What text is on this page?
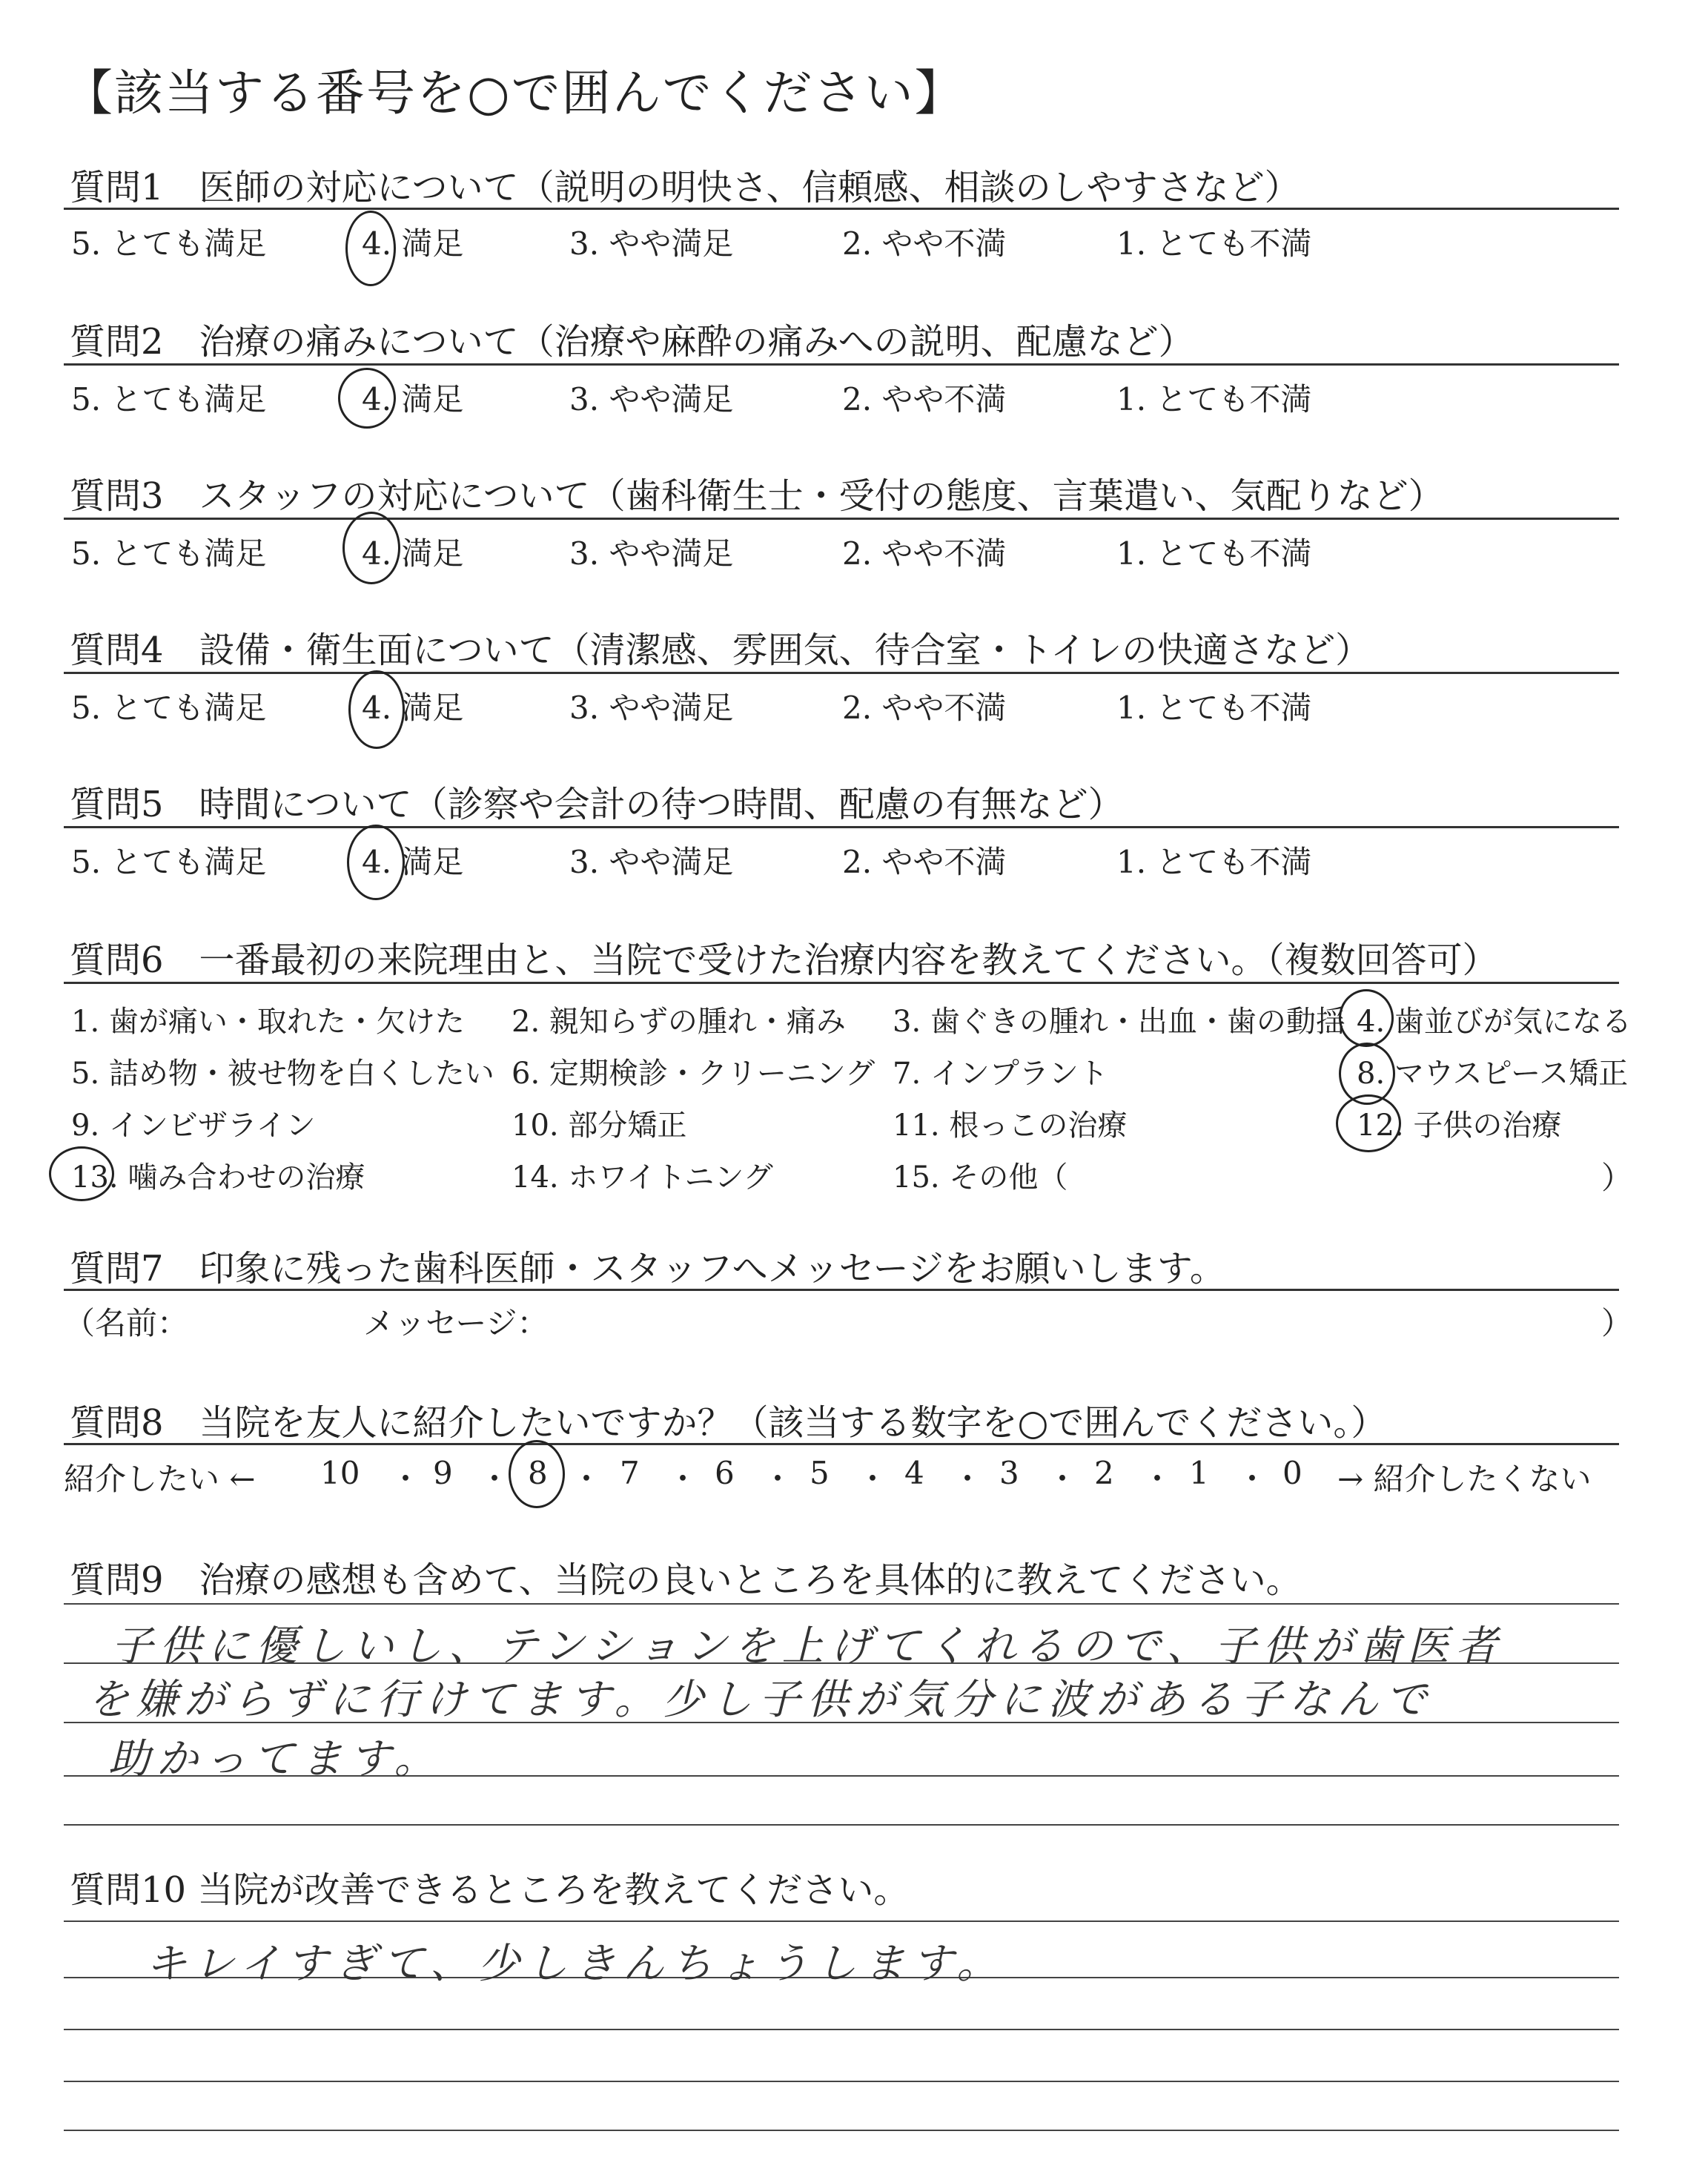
【該当する番号を○で囲んでください】
質問1　医師の対応について（説明の明快さ、信頼感、相談のしやすさなど）
5. とても満足	4. 満足	3. やや満足	2. やや不満	1. とても不満
質問2　治療の痛みについて（治療や麻酔の痛みへの説明、配慮など）
5. とても満足	4. 満足	3. やや満足	2. やや不満	1. とても不満
質問3　スタッフの対応について（歯科衛生士・受付の態度、言葉遣い、気配りなど）
5. とても満足	4. 満足	3. やや満足	2. やや不満	1. とても不満
質問4　設備・衛生面について（清潔感、雰囲気、待合室・トイレの快適さなど）
5. とても満足	4. 満足	3. やや満足	2. やや不満	1. とても不満
質問5　時間について（診察や会計の待つ時間、配慮の有無など）
5. とても満足	4. 満足	3. やや満足	2. やや不満	1. とても不満
質問6　一番最初の来院理由と、当院で受けた治療内容を教えてください。（複数回答可）
1. 歯が痛い・取れた・欠けた 2. 親知らずの腫れ・痛み 3. 歯ぐきの腫れ・出血・歯の動揺 4. 歯並びが気になる
5. 詰め物・被せ物を白くしたい 6. 定期検診・クリーニング 7. インプラント	8. マウスピース矯正
9. インビザライン	10. 部分矯正	11. 根っこの治療	12. 子供の治療
13. 噛み合わせの治療	14. ホワイトニング	15. その他（	）
質問7　印象に残った歯科医師・スタッフへメッセージをお願いします。
（名前：	メッセージ：	）
質問8　当院を友人に紹介したいですか？（該当する数字を○で囲んでください。）
紹介したい ← 10 ・ 9 ・ 8 ・ 7 ・ 6 ・ 5 ・ 4 ・ 3 ・ 2 ・ 1 ・ 0 → 紹介したくない
質問9　治療の感想も含めて、当院の良いところを具体的に教えてください。
子供に優しいし、テンションを上げてくれるので、子供が歯医者
を嫌がらずに行けてます。少し子供が気分に波がある子なんで
助かってます。
質問10 当院が改善できるところを教えてください。
キレイすぎて、少しきんちょうします。
